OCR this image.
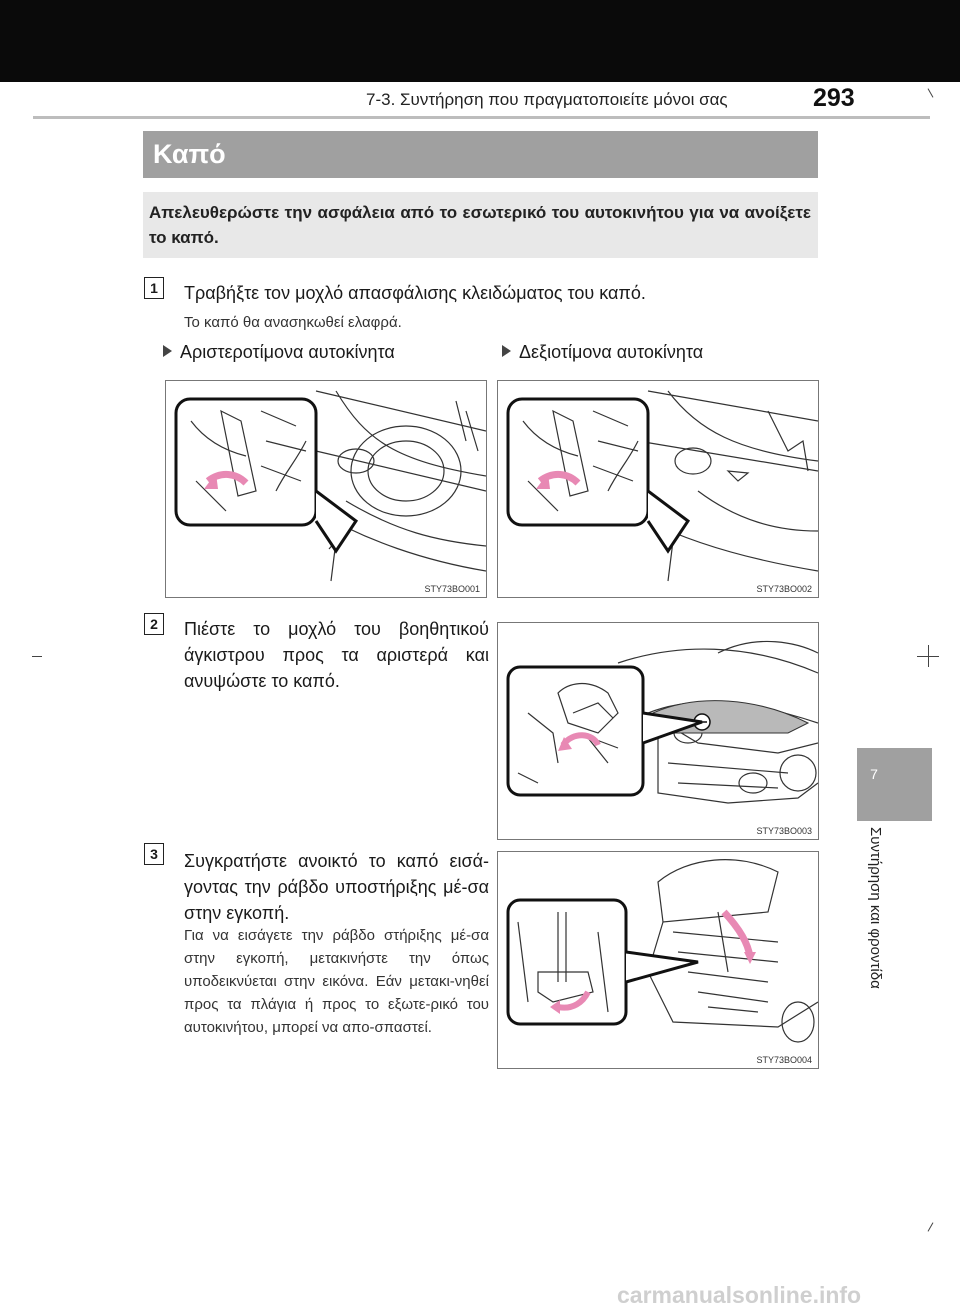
7-3. Συντήρηση που πραγματοποιείτε μόνοι σας	293
Καπό
Απελευθερώστε την ασφάλεια από το εσωτερικό του αυτοκινήτου για να ανοίξετε το καπό.
1	Τραβήξτε τον μοχλό απασφάλισης κλειδώματος του καπό.
Το καπό θα ανασηκωθεί ελαφρά.
Αριστεροτίμονα αυτοκίνητα	Δεξιοτίμονα αυτοκίνητα
STY73BO001	STY73BO002
2	Πιέστε το μοχλό του βοηθητικού άγκιστρου προς τα αριστερά και ανυψώστε το καπό.
STY73BO003
3	Συγκρατήστε ανοικτό το καπό εισά-γοντας την ράβδο υποστήριξης μέ-σα στην εγκοπή.
Για να εισάγετε την ράβδο στήριξης μέ-σα στην εγκοπή, μετακινήστε την όπως υποδεικνύεται στην εικόνα. Εάν μετακι-νηθεί προς τα πλάγια ή προς το εξωτε-ρικό του αυτοκινήτου, μπορεί να απο-σπαστεί.
STY73BO004
7
Συντήρηση και φροντίδα
carmanualsonline.info
